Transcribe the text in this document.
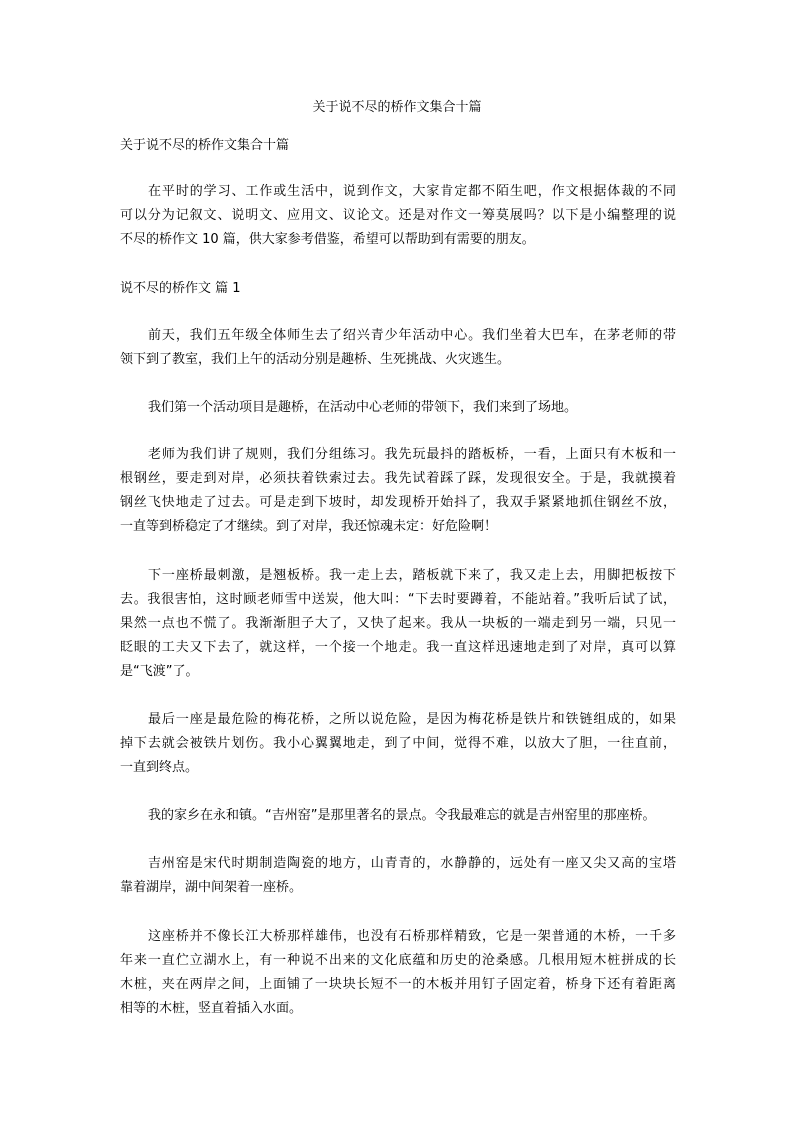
关于说不尽的桥作文集合十篇
关于说不尽的桥作文集合十篇
在平时的学习、工作或生活中，说到作文，大家肯定都不陌生吧，作文根据体裁的不同
可以分为记叙文、说明文、应用文、议论文。还是对作文一筹莫展吗？以下是小编整理的说
不尽的桥作文 10 篇，供大家参考借鉴，希望可以帮助到有需要的朋友。
说不尽的桥作文 篇 1
前天，我们五年级全体师生去了绍兴青少年活动中心。我们坐着大巴车，在茅老师的带
领下到了教室，我们上午的活动分别是趣桥、生死挑战、火灾逃生。
我们第一个活动项目是趣桥，在活动中心老师的带领下，我们来到了场地。
老师为我们讲了规则，我们分组练习。我先玩最抖的踏板桥，一看，上面只有木板和一
根钢丝，要走到对岸，必须扶着铁索过去。我先试着踩了踩，发现很安全。于是，我就摸着
钢丝飞快地走了过去。可是走到下坡时，却发现桥开始抖了，我双手紧紧地抓住钢丝不放，
一直等到桥稳定了才继续。到了对岸，我还惊魂未定：好危险啊！
下一座桥最刺激，是翘板桥。我一走上去，踏板就下来了，我又走上去，用脚把板按下
去。我很害怕，这时顾老师雪中送炭，他大叫：“下去时要蹲着，不能站着。”我听后试了试，
果然一点也不慌了。我渐渐胆子大了，又快了起来。我从一块板的一端走到另一端，只见一
眨眼的工夫又下去了，就这样，一个接一个地走。我一直这样迅速地走到了对岸，真可以算
是“飞渡”了。
最后一座是最危险的梅花桥，之所以说危险，是因为梅花桥是铁片和铁链组成的，如果
掉下去就会被铁片划伤。我小心翼翼地走，到了中间，觉得不难，以放大了胆，一往直前，
一直到终点。
我的家乡在永和镇。“吉州窑”是那里著名的景点。令我最难忘的就是吉州窑里的那座桥。
吉州窑是宋代时期制造陶瓷的地方，山青青的，水静静的，远处有一座又尖又高的宝塔
靠着湖岸，湖中间架着一座桥。
这座桥并不像长江大桥那样雄伟，也没有石桥那样精致，它是一架普通的木桥，一千多
年来一直伫立湖水上，有一种说不出来的文化底蕴和历史的沧桑感。几根用短木桩拼成的长
木桩，夹在两岸之间，上面铺了一块块长短不一的木板并用钉子固定着，桥身下还有着距离
相等的木桩，竖直着插入水面。
